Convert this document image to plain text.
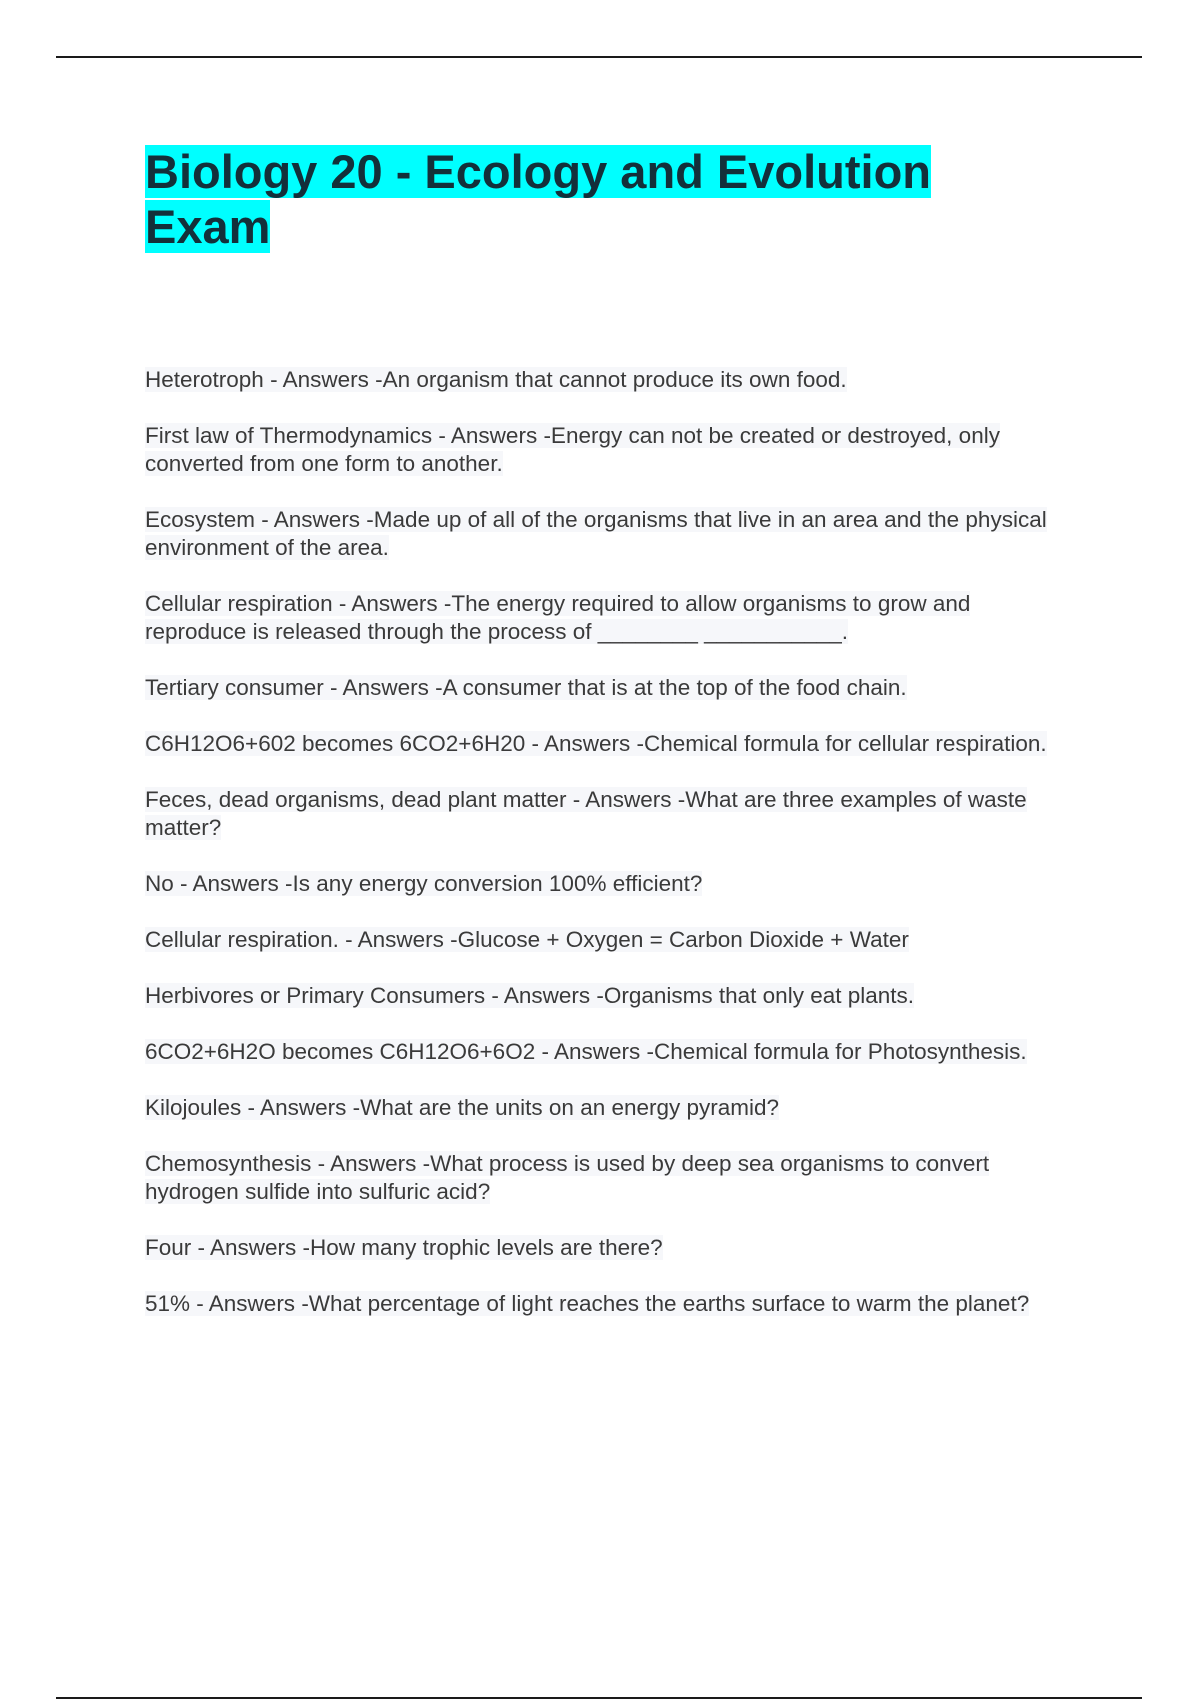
Biology 20 - Ecology and Evolution Exam
Heterotroph - Answers -An organism that cannot produce its own food.
First law of Thermodynamics - Answers -Energy can not be created or destroyed, only converted from one form to another.
Ecosystem - Answers -Made up of all of the organisms that live in an area and the physical environment of the area.
Cellular respiration - Answers -The energy required to allow organisms to grow and reproduce is released through the process of ________ ___________.
Tertiary consumer - Answers -A consumer that is at the top of the food chain.
C6H12O6+602 becomes 6CO2+6H20 - Answers -Chemical formula for cellular respiration.
Feces, dead organisms, dead plant matter - Answers -What are three examples of waste matter?
No - Answers -Is any energy conversion 100% efficient?
Cellular respiration. - Answers -Glucose + Oxygen = Carbon Dioxide + Water
Herbivores or Primary Consumers - Answers -Organisms that only eat plants.
6CO2+6H2O becomes C6H12O6+6O2 - Answers -Chemical formula for Photosynthesis.
Kilojoules - Answers -What are the units on an energy pyramid?
Chemosynthesis - Answers -What process is used by deep sea organisms to convert hydrogen sulfide into sulfuric acid?
Four - Answers -How many trophic levels are there?
51% - Answers -What percentage of light reaches the earths surface to warm the planet?
